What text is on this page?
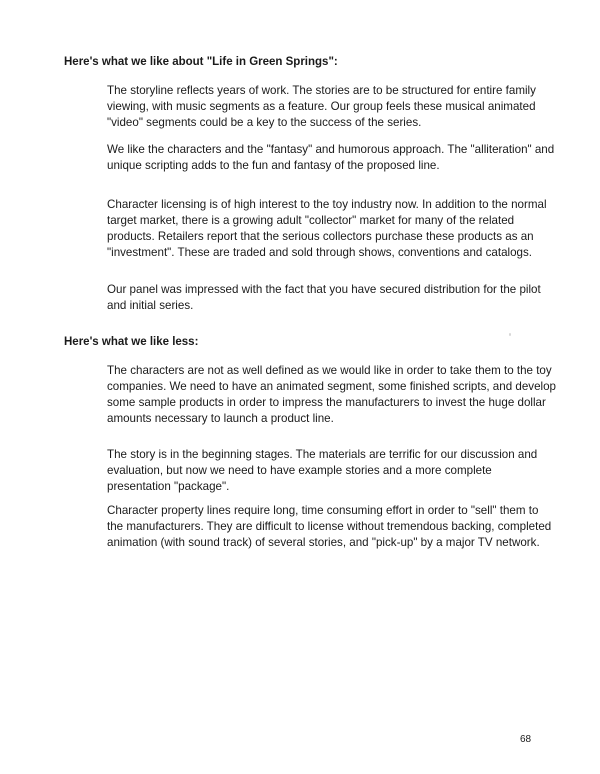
Here's what we like about "Life in Green Springs":

The storyline reflects years of work. The stories are to be structured for entire family viewing, with music segments as a feature. Our group feels these musical animated "video" segments could be a key to the success of the series.

We like the characters and the "fantasy" and humorous approach. The "alliteration" and unique scripting adds to the fun and fantasy of the proposed line.

Character licensing is of high interest to the toy industry now. In addition to the normal target market, there is a growing adult "collector" market for many of the related products. Retailers report that the serious collectors purchase these products as an "investment". These are traded and sold through shows, conventions and catalogs.

Our panel was impressed with the fact that you have secured distribution for the pilot and initial series.

Here's what we like less:

The characters are not as well defined as we would like in order to take them to the toy companies. We need to have an animated segment, some finished scripts, and develop some sample products in order to impress the manufacturers to invest the huge dollar amounts necessary to launch a product line.

The story is in the beginning stages. The materials are terrific for our discussion and evaluation, but now we need to have example stories and a more complete presentation "package".

Character property lines require long, time consuming effort in order to "sell" them to the manufacturers. They are difficult to license without tremendous backing, completed animation (with sound track) of several stories, and "pick-up" by a major TV network.

68
